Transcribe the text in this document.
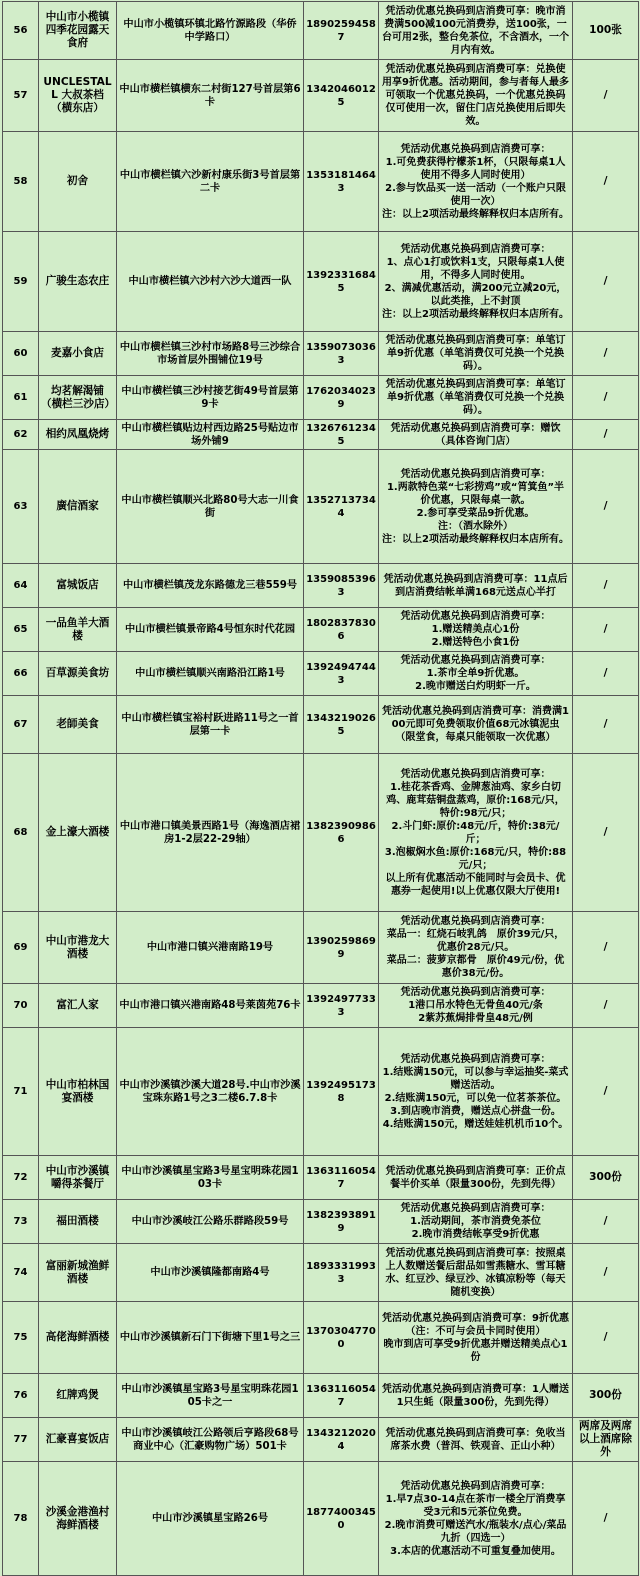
56	中山市小榄镇四季花园露天食府	中山市小榄镇环镇北路竹源路段（华侨中学路口）	18902594587	凭活动优惠兑换码到店消费可享：晚市消费满500减100元消费券，送100张，一台可用2张，整台免茶位，不含酒水，一个月内有效。	100张
57	UNCLESTALL 大叔茶档（横东店）	中山市横栏镇横东二村街127号首层第6卡	13420460125	凭活动优惠兑换码到店消费可享：兑换使用享9折优惠。活动期间，参与者每人最多可领取一个优惠兑换码，一个优惠兑换码仅可使用一次，留住门店兑换使用后即失效。	/
58	初舍	中山市横栏镇六沙新村康乐街3号首层第二卡	13531814643	凭活动优惠兑换码到店消费可享：
1.可免费获得柠檬茶1杯，（只限每桌1人使用不得多人同时使用）
2.参与饮品买一送一活动（一个账户只限使用一次）
注：以上2项活动最终解释权归本店所有。	/
59	广骏生态农庄	中山市横栏镇六沙村六沙大道西一队	13923316845	凭活动优惠兑换码到店消费可享：
1、点心1打或饮料1支，只限每桌1人使用，不得多人同时使用。
2、满减优惠活动，满200元立减20元，以此类推，上不封顶
注：以上2项活动最终解释权归本店所有。	/
60	麦嘉小食店	中山市横栏镇三沙村市场路8号三沙综合市场首层外围铺位19号	13590730363	凭活动优惠兑换码到店消费可享：单笔订单9折优惠（单笔消费仅可兑换一个兑换码）。	/
61	均茗解渴铺（横栏三沙店）	中山市横栏镇三沙村接艺街49号首层第9卡	17620340239	凭活动优惠兑换码到店消费可享：单笔订单9折优惠（单笔消费仅可兑换一个兑换码）。	/
62	相约凤凰烧烤	中山市横栏镇贴边村西边路25号贴边市场外铺9	13267612345	凭活动优惠兑换码到店消费可享：赠饮（具体咨询门店）	/
63	廣信酒家	中山市横栏镇顺兴北路80号大志一川食街	13527137344	凭活动优惠兑换码到店消费可享：
1.两款特色菜“七彩捞鸡”或“筲箕鱼”半价优惠，只限每桌一款。
2.参可享受菜品9折优惠。
注：（酒水除外）
注：以上2项活动最终解释权归本店所有。	/
64	富城饭店	中山市横栏镇茂龙东路德龙三巷559号	13590853963	凭活动优惠兑换码到店消费可享：11点后到店消费结帐单满168元送点心半打	/
65	一品鱼羊大酒楼	中山市横栏镇景帝路4号恒东时代花园	18028378306	凭活动优惠兑换码到店消费可享：
1.赠送精美点心1份
2.赠送特色小食1份	/
66	百草源美食坊	中山市横栏镇顺兴南路沿江路1号	13924947443	凭活动优惠兑换码到店消费可享：
1.茶市全单9折优惠。
2.晚市赠送白灼明虾一斤。	/
67	老師美食	中山市横栏镇宝裕村跃进路11号之一首层第一卡	13432190265	凭活动优惠兑换码到店消费可享：消费满100元即可免费领取价值68元冰镇泥虫（限堂食，每桌只能领取一次优惠）	/
68	金上濠大酒楼	中山市港口镇美景西路1号（海逸酒店裙房1-2层22-29轴）	13823909866	凭活动优惠兑换码到店消费可享：
1.桂花茶香鸡、金牌葱油鸡、家乡白切鸡、鹿茸菇铜盘蒸鸡，原价:168元/只，特价:98元/只；
2.斗门虾:原价:48元/斤，特价:38元/斤；
3.泡椒焖水鱼:原价:168元/只，特价:88元/只；
以上所有优惠活动不能同时与会员卡、优惠券一起使用!以上优惠仅限大厅使用!	/
69	中山市港龙大酒楼	中山市港口镇兴港南路19号	13902598699	凭活动优惠兑换码到店消费可享：
菜品一：红烧石岐乳鸽　原价39元/只，优惠价28元/只。
菜品二：菠萝京都骨　原价49元/份，优惠价38元/份。	/
70	富汇人家	中山市港口镇兴港南路48号莱茵苑76卡	13924977333	凭活动优惠兑换码到店消费可享：
1港口吊水特色无骨鱼40元/条
2紫苏蕉焗排骨皇48元/例	/
71	中山市柏林国宴酒楼	中山市沙溪镇沙溪大道28号.中山市沙溪宝珠东路1号之3二楼6.7.8卡	13924951738	凭活动优惠兑换码到店消费可享：
1.结账满150元，可以参与幸运抽奖-菜式赠送活动。
2.结账满150元，可以免一位茗茶茶位。
3.到店晚市消费，赠送点心拼盘一份。
4.结账满150元，赠送娃娃机机币10个。	/
72	中山市沙溪镇嚼得茶餐厅	中山市沙溪镇星宝路3号星宝明珠花园103卡	13631160547	凭活动优惠兑换码到店消费可享：正价点餐半价买单（限量300份，先到先得）	300份
73	福田酒楼	中山市沙溪岐江公路乐群路段59号	13823938919	凭活动优惠兑换码到店消费可享：
1.活动期间，茶市消费免茶位
2.晚市消费结帐享受9折优惠	/
74	富丽新城渔鲜酒楼	中山市沙溪镇隆都南路4号	18933319933	凭活动优惠兑换码到店消费可享：按照桌上人数赠送餐后甜品如雪燕糖水、雪耳糖水、红豆沙、绿豆沙、冰镇凉粉等（每天随机变换）	/
75	高佬海鲜酒楼	中山市沙溪镇新石门下街塘下里1号之三	13703047700	凭活动优惠兑换码到店消费可享：9折优惠（注：不可与会员卡同时使用）
晚市到店可享受9折优惠并赠送精美点心1份	/
76	红牌鸡煲	中山市沙溪镇星宝路3号星宝明珠花园105卡之一	13631160547	凭活动优惠兑换码到店消费可享：1人赠送1只生蚝（限量300份，先到先得）	300份
77	汇豪喜宴饭店	中山市沙溪镇岐江公路领后亨路段68号商业中心（汇豪购物广场）501卡	13432120204	凭活动优惠兑换码到店消费可享：免收当席茶水费（普洱、铁观音、正山小种）	两席及两席以上酒席除外
78	沙溪金港渔村海鲜酒楼	中山市沙溪镇星宝路26号	18774003450	凭活动优惠兑换码到店消费可享：
1.早7点30-14点在茶市一楼全厅消费享受3元和5元茶位免费。
2.晚市消费可赠送汽水/瓶装水/点心/菜品九折（四选一）
3.本店的优惠活动不可重复叠加使用。	/
